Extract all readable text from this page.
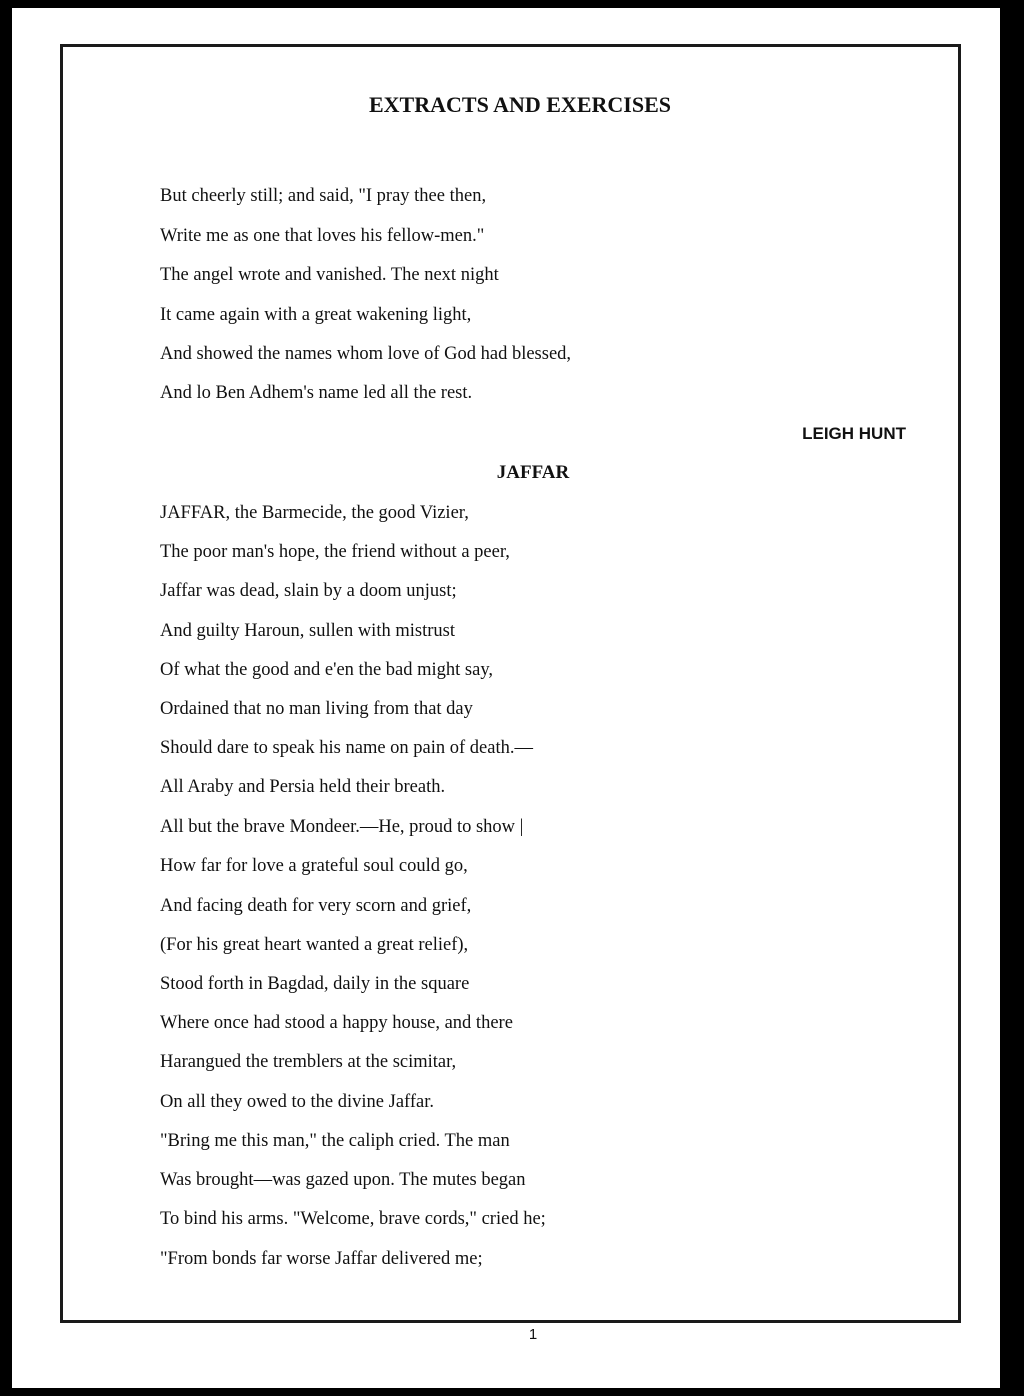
EXTRACTS AND EXERCISES

But cheerly still; and said, "I pray thee then,

Write me as one that loves his fellow-men."

The angel wrote and vanished. The next night

It came again with a great wakening light,

And showed the names whom love of God had blessed,

And lo Ben Adhem's name led all the rest.

LEIGH HUNT

JAFFAR

JAFFAR, the Barmecide, the good Vizier,

The poor man's hope, the friend without a peer,

Jaffar was dead, slain by a doom unjust;

And guilty Haroun, sullen with mistrust

Of what the good and e'en the bad might say,

Ordained that no man living from that day

Should dare to speak his name on pain of death.—

All Araby and Persia held their breath.

All but the brave Mondeer.—He, proud to show |

How far for love a grateful soul could go,

And facing death for very scorn and grief,

(For his great heart wanted a great relief),

Stood forth in Bagdad, daily in the square

Where once had stood a happy house, and there

Harangued the tremblers at the scimitar,

On all they owed to the divine Jaffar.

"Bring me this man," the caliph cried. The man

Was brought—was gazed upon. The mutes began

To bind his arms. "Welcome, brave cords," cried he;

"From bonds far worse Jaffar delivered me;

1
